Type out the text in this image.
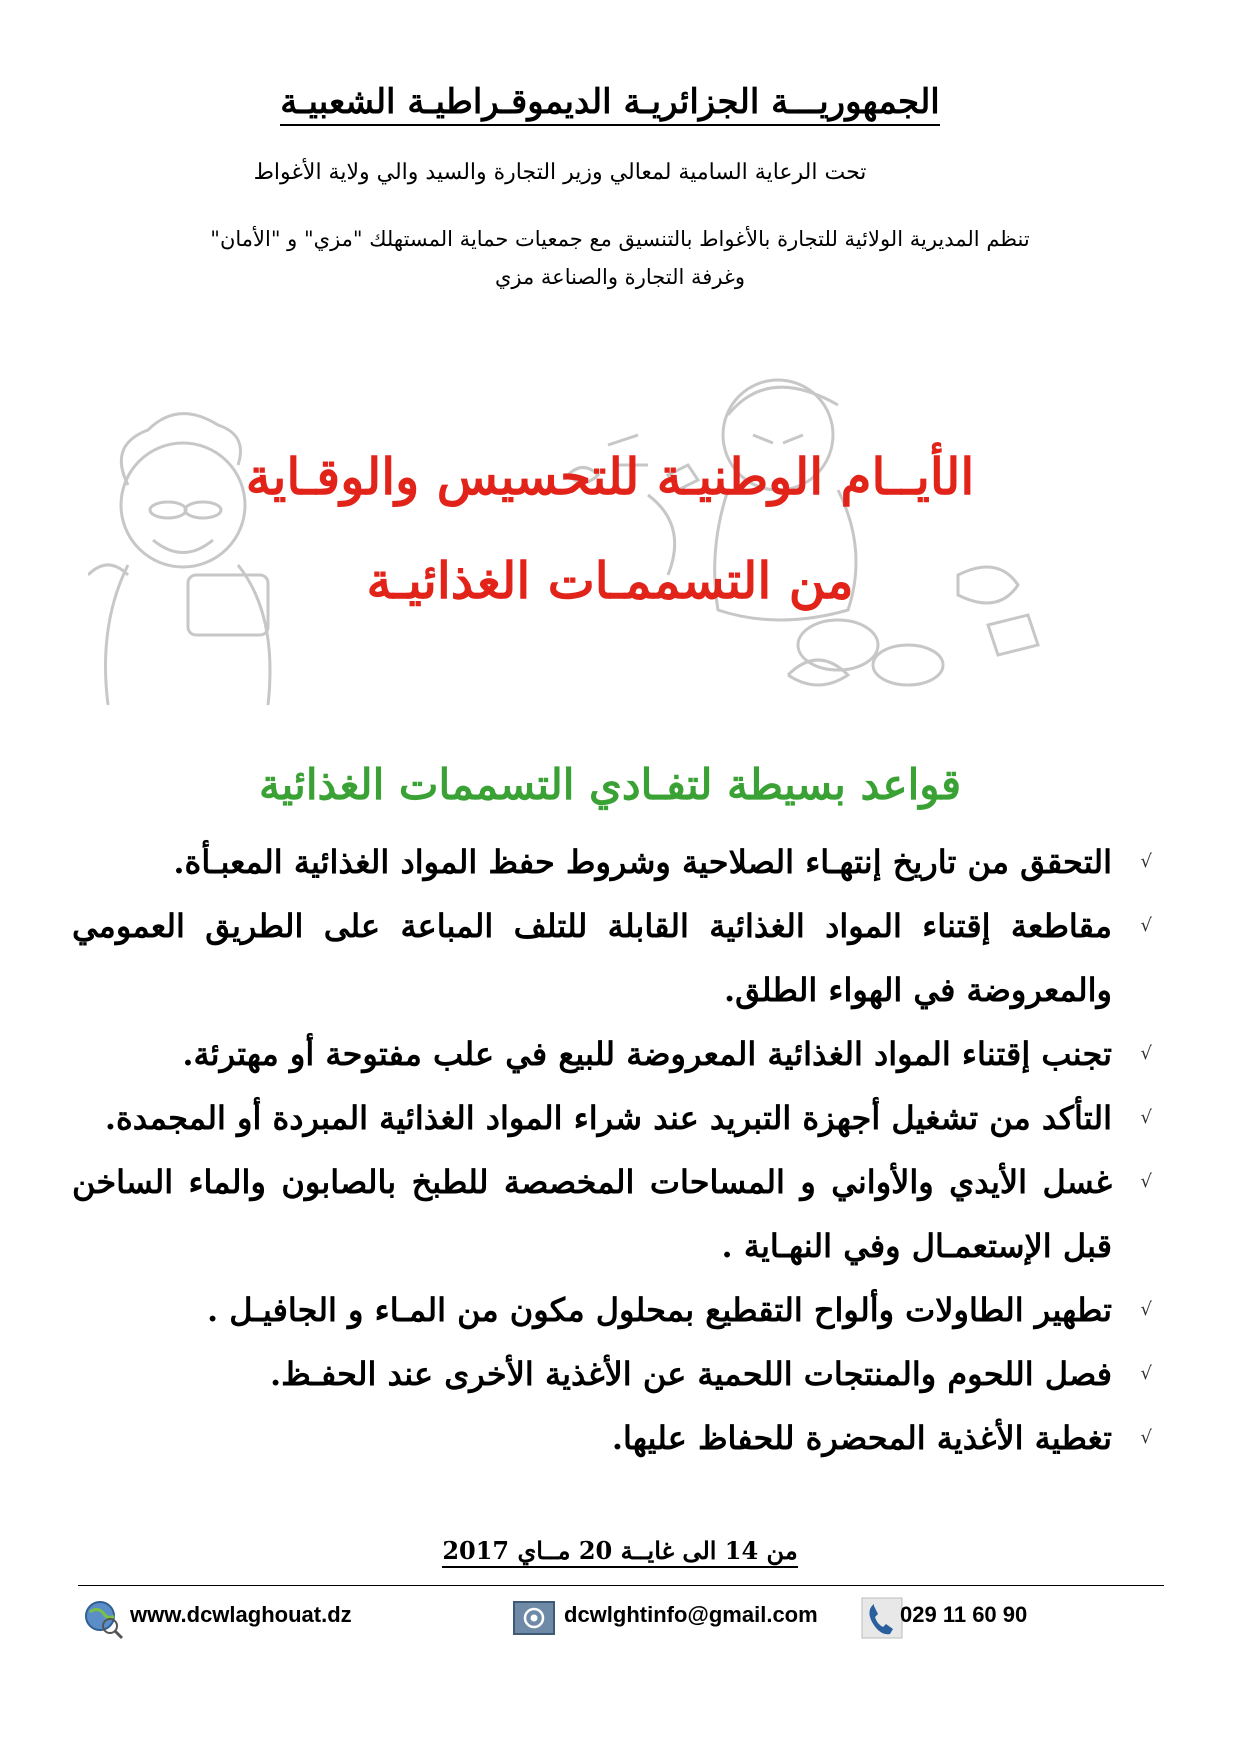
الجمهوريـــة الجزائريـة الديموقـراطيـة الشعبيـة
تحت الرعاية السامية لمعالي وزير التجارة والسيد والي ولاية الأغواط
تنظم المديرية الولائية للتجارة بالأغواط بالتنسيق مع جمعيات حماية المستهلك "مزي" و "الأمان"
وغرفة التجارة والصناعة مزي
الأيــام الوطنيـة للتحسيس والوقـاية
من التسممـات الغذائيـة
قواعد بسيطة لتفـادي التسممات الغذائية
√
التحقق من تاريخ إنتهـاء الصلاحية وشروط حفظ المواد الغذائية المعبـأة.
√
مقاطعة إقتناء المواد الغذائية القابلة للتلف المباعة على الطريق العمومي والمعروضة في الهواء الطلق.
√
تجنب إقتناء المواد الغذائية المعروضة للبيع في علب مفتوحة أو مهترئة.
√
التأكد من تشغيل أجهزة التبريد عند شراء المواد الغذائية المبردة أو المجمدة.
√
غسل الأيدي والأواني و المساحات المخصصة للطبخ بالصابون والماء الساخن قبل الإستعمـال وفي النهـاية .
√
تطهير الطاولات وألواح التقطيع بمحلول مكون من المـاء و الجافيـل .
√
فصل اللحوم والمنتجات اللحمية عن الأغذية الأخرى عند الحفـظ.
√
تغطية الأغذية المحضرة للحفاظ عليها.
من 14 الى غايــة 20 مــاي 2017
www.dcwlaghouat.dz	dcwlghtinfo@gmail.com	029 11 60 90
